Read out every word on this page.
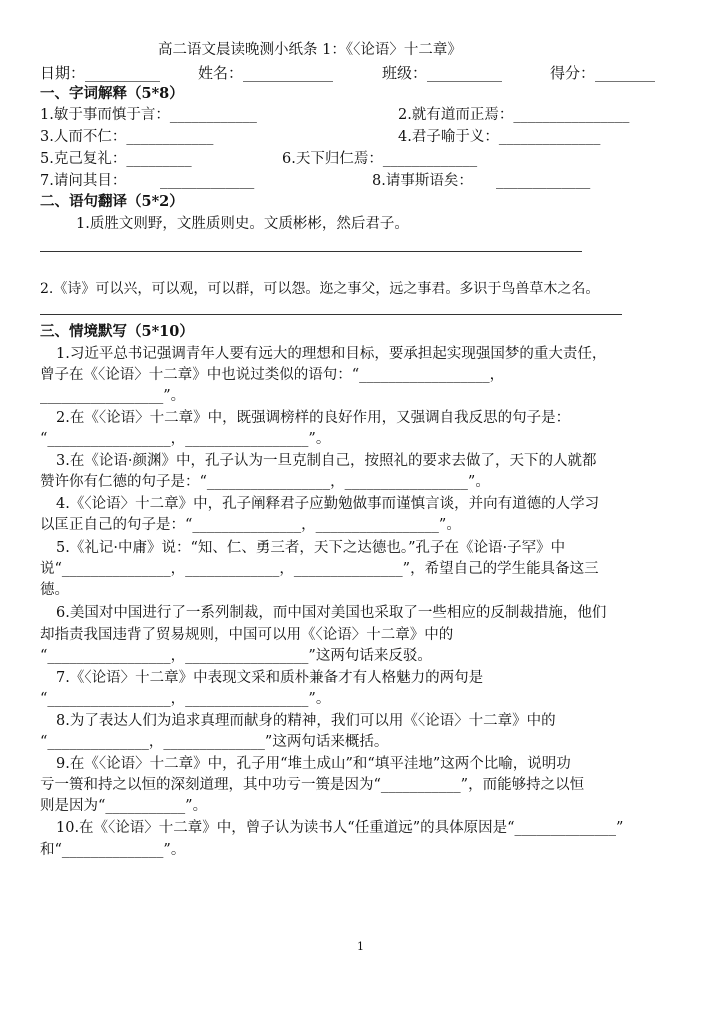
高二语文晨读晚测小纸条 1：《〈论语〉十二章》
日期：__________	姓名：____________	班级：__________	得分：________
一、字词解释（5*8）
1.敏于事而慎于言：____________	2.就有道而正焉：________________
3.人而不仁：____________	4.君子喻于义：______________
5.克己复礼：_________	6.天下归仁焉：_____________
7.请问其目： _____________	8.请事斯语矣： _____________
二、语句翻译（5*2）
1.质胜文则野，文胜质则史。文质彬彬，然后君子。
2.《诗》可以兴，可以观，可以群，可以怨。迩之事父，远之事君。多识于鸟兽草木之名。
三、情境默写（5*10）
1.习近平总书记强调青年人要有远大的理想和目标，要承担起实现强国梦的重大责任，
曾子在《〈论语〉十二章》中也说过类似的语句：“__________________，
_________________”。
2.在《〈论语〉十二章》中，既强调榜样的良好作用，又强调自我反思的句子是：
“_________________，_________________”。
3.在《论语·颜渊》中，孔子认为一旦克制自己，按照礼的要求去做了，天下的人就都
赞许你有仁德的句子是：“_________________，_________________”。
4.《〈论语〉十二章》中，孔子阐释君子应勤勉做事而谨慎言谈，并向有道德的人学习
以匡正自己的句子是：“_______________，_________________”。
5.《礼记·中庸》说：“知、仁、勇三者，天下之达德也。”孔子在《论语·子罕》中
说“_______________，_____________，_______________”，希望自己的学生能具备这三
德。
6.美国对中国进行了一系列制裁，而中国对美国也采取了一些相应的反制裁措施，他们
却指责我国违背了贸易规则，中国可以用《〈论语〉十二章》中的
“_________________，_________________”这两句话来反驳。
7.《〈论语〉十二章》中表现文采和质朴兼备才有人格魅力的两句是
“_________________，_________________”。
8.为了表达人们为追求真理而献身的精神，我们可以用《〈论语〉十二章》中的
“______________，______________”这两句话来概括。
9.在《〈论语〉十二章》中，孔子用“堆土成山”和“填平洼地”这两个比喻，说明功
亏一篑和持之以恒的深刻道理，其中功亏一篑是因为“___________”，而能够持之以恒
则是因为“___________”。
10.在《〈论语〉十二章》中，曾子认为读书人“任重道远”的具体原因是“______________”
和“______________”。
1
